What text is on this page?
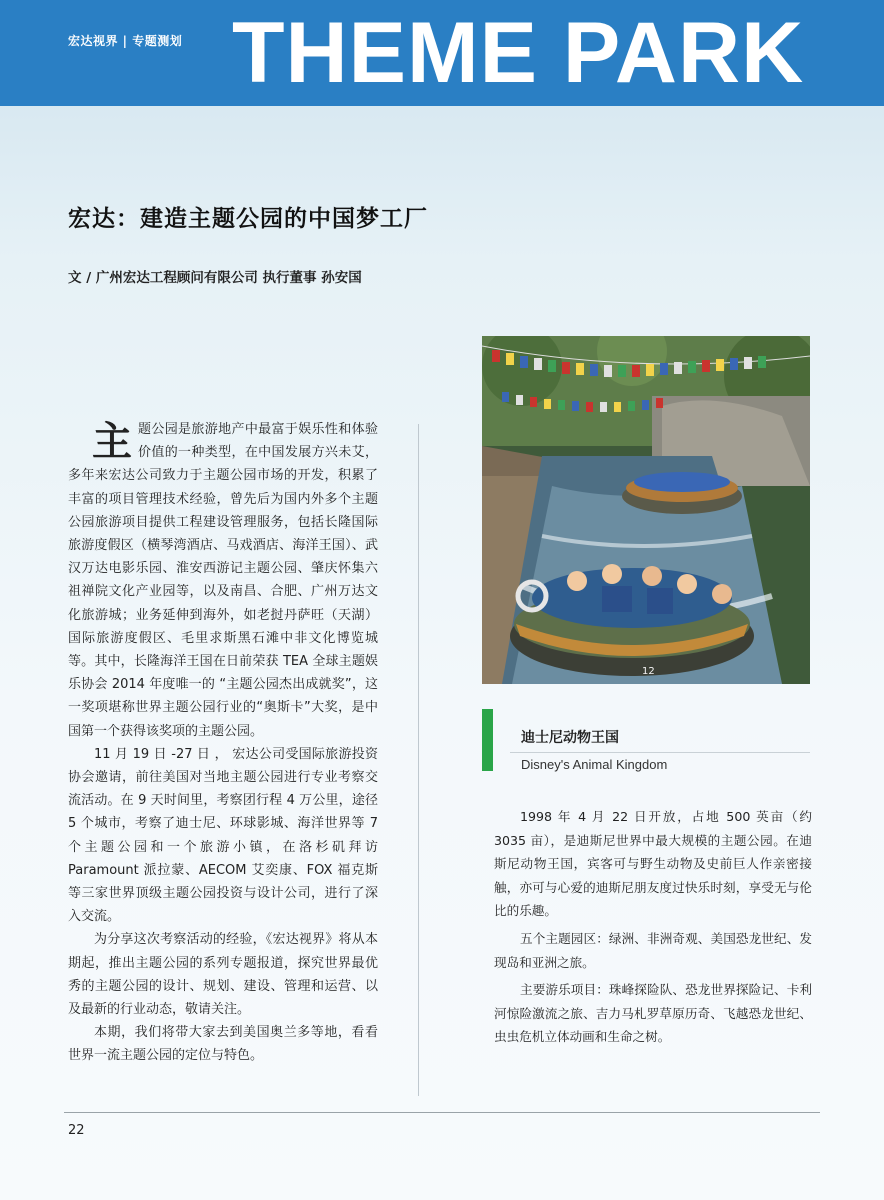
宏达视界 | 专题测划 THEME PARK
宏达：建造主题公园的中国梦工厂
文 / 广州宏达工程顾问有限公司 执行董事 孙安国

主题公园是旅游地产中最富于娱乐性和体验价值的一种类型，在中国发展方兴未艾，多年来宏达公司致力于主题公园市场的开发，积累了丰富的项目管理技术经验，曾先后为国内外多个主题公园旅游项目提供工程建设管理服务，包括长隆国际旅游度假区（横琴湾酒店、马戏酒店、海洋王国）、武汉万达电影乐园、淮安西游记主题公园、肇庆怀集六祖禅院文化产业园等，以及南昌、合肥、广州万达文化旅游城；业务延伸到海外，如老挝丹萨旺（天湖）国际旅游度假区、毛里求斯黑石滩中非文化博览城等。其中，长隆海洋王国在日前荣获 TEA 全球主题娱乐协会 2014 年度唯一的 “主题公园杰出成就奖”，这一奖项堪称世界主题公园行业的“奥斯卡”大奖，是中国第一个获得该奖项的主题公园。

11 月 19 日 -27 日 ， 宏达公司受国际旅游投资协会邀请，前往美国对当地主题公园进行专业考察交流活动。在 9 天时间里，考察团行程 4 万公里，途径 5 个城市，考察了迪士尼、环球影城、海洋世界等 7 个主题公园和一个旅游小镇，在洛杉矶拜访 Paramount 派拉蒙、AECOM 艾奕康、FOX 福克斯等三家世界顶级主题公园投资与设计公司，进行了深入交流。

为分享这次考察活动的经验，《宏达视界》将从本期起，推出主题公园的系列专题报道，探究世界最优秀的主题公园的设计、规划、建设、管理和运营、以及最新的行业动态，敬请关注。

本期，我们将带大家去到美国奥兰多等地，看看世界一流主题公园的定位与特色。

12
迪士尼动物王国
Disney's Animal Kingdom

1998 年 4 月 22 日开放，占地 500 英亩（约 3035 亩），是迪斯尼世界中最大规模的主题公园。在迪斯尼动物王国，宾客可与野生动物及史前巨人作亲密接触，亦可与心爱的迪斯尼朋友度过快乐时刻，享受无与伦比的乐趣。

五个主题园区：绿洲、非洲奇观、美国恐龙世纪、发现岛和亚洲之旅。

主要游乐项目：珠峰探险队、恐龙世界探险记、卡利河惊险激流之旅、吉力马札罗草原历奇、飞越恐龙世纪、虫虫危机立体动画和生命之树。

22
